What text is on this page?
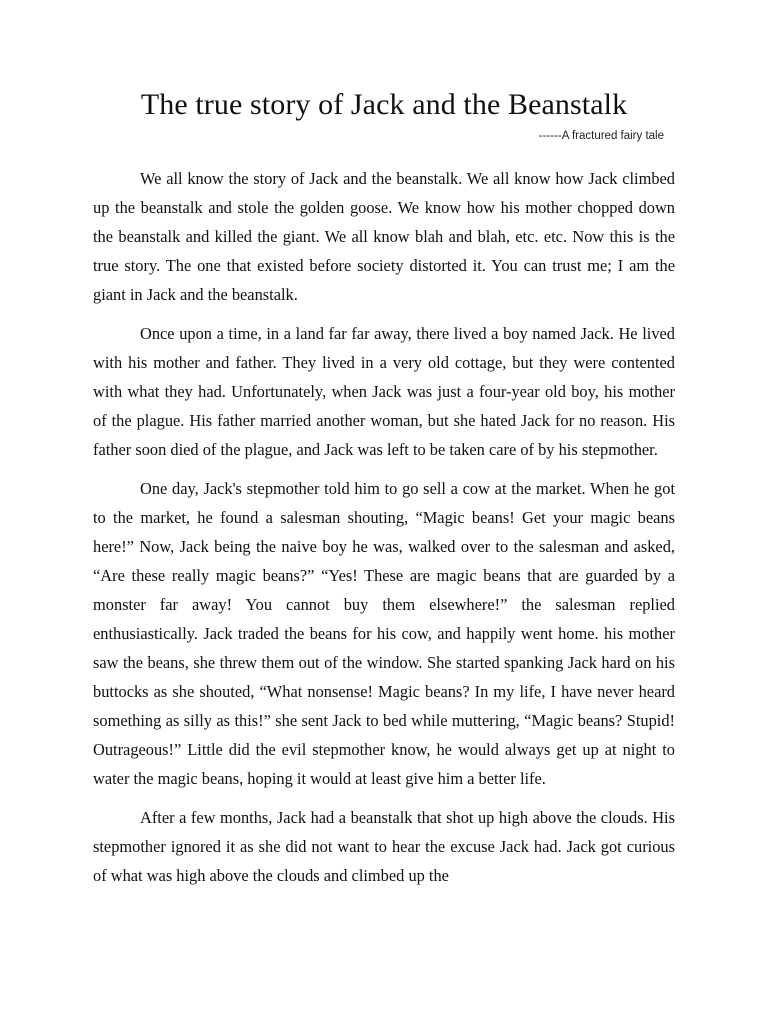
The true story of Jack and the Beanstalk
------A fractured fairy tale

We all know the story of Jack and the beanstalk. We all know how Jack climbed up the beanstalk and stole the golden goose. We know how his mother chopped down the beanstalk and killed the giant. We all know blah and blah, etc. etc. Now this is the true story. The one that existed before society distorted it. You can trust me; I am the giant in Jack and the beanstalk.

Once upon a time, in a land far far away, there lived a boy named Jack. He lived with his mother and father. They lived in a very old cottage, but they were contented with what they had. Unfortunately, when Jack was just a four-year old boy, his mother of the plague. His father married another woman, but she hated Jack for no reason. His father soon died of the plague, and Jack was left to be taken care of by his stepmother.

One day, Jack's stepmother told him to go sell a cow at the market. When he got to the market, he found a salesman shouting, “Magic beans! Get your magic beans here!” Now, Jack being the naive boy he was, walked over to the salesman and asked, “Are these really magic beans?” “Yes! These are magic beans that are guarded by a monster far away! You cannot buy them elsewhere!” the salesman replied enthusiastically. Jack traded the beans for his cow, and happily went home. his mother saw the beans, she threw them out of the window. She started spanking Jack hard on his buttocks as she shouted, “What nonsense! Magic beans? In my life, I have never heard something as silly as this!” she sent Jack to bed while muttering, “Magic beans? Stupid! Outrageous!” Little did the evil stepmother know, he would always get up at night to water the magic beans, hoping it would at least give him a better life.

After a few months, Jack had a beanstalk that shot up high above the clouds. His stepmother ignored it as she did not want to hear the excuse Jack had. Jack got curious of what was high above the clouds and climbed up the
